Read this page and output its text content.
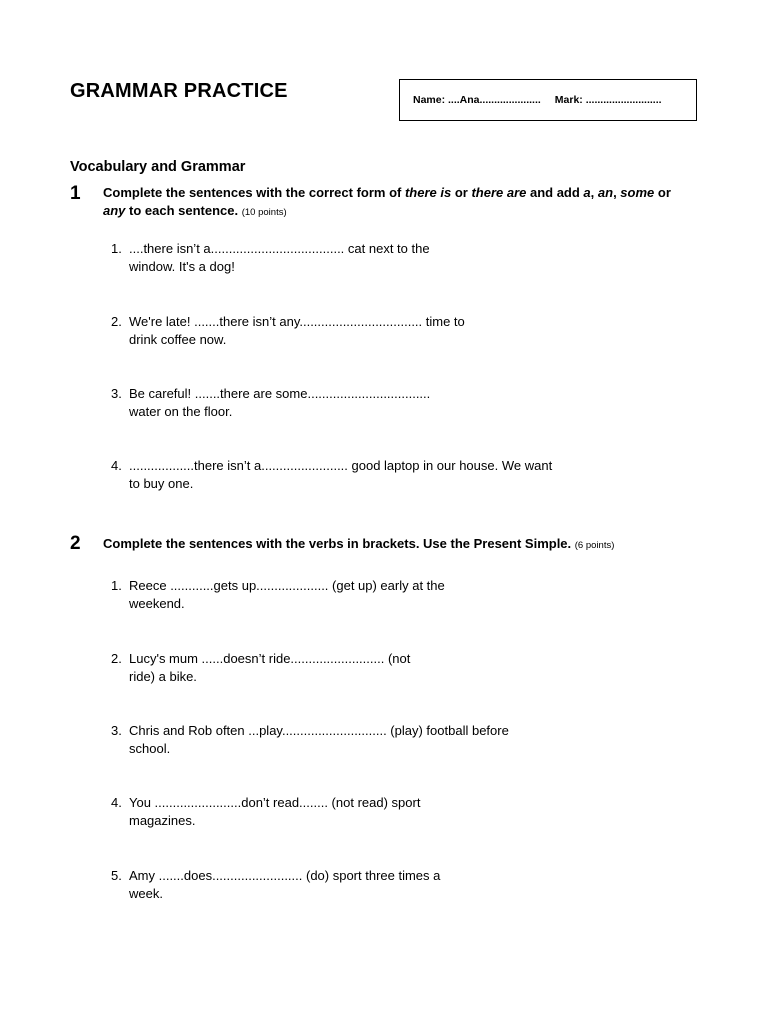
GRAMMAR PRACTICE	Name: ....Ana..................... Mark: ..........................
Vocabulary and Grammar
1 Complete the sentences with the correct form of there is or there are and add a, an, some or
any to each sentence. (10 points)
1. ....there isn’t a..................................... cat next to the
window. It's a dog!
2. We're late! .......there isn’t any.................................. time to
drink coffee now.
3. Be careful! .......there are some..................................
water on the floor.
4. ..................there isn’t a........................ good laptop in our house. We want
to buy one.
2 Complete the sentences with the verbs in brackets. Use the Present Simple. (6 points)
1. Reece ............gets up.................... (get up) early at the
weekend.
2. Lucy's mum ......doesn’t ride.......................... (not
ride) a bike.
3. Chris and Rob often ...play............................. (play) football before
school.
4. You ........................don’t read........ (not read) sport
magazines.
5. Amy .......does......................... (do) sport three times a
week.
